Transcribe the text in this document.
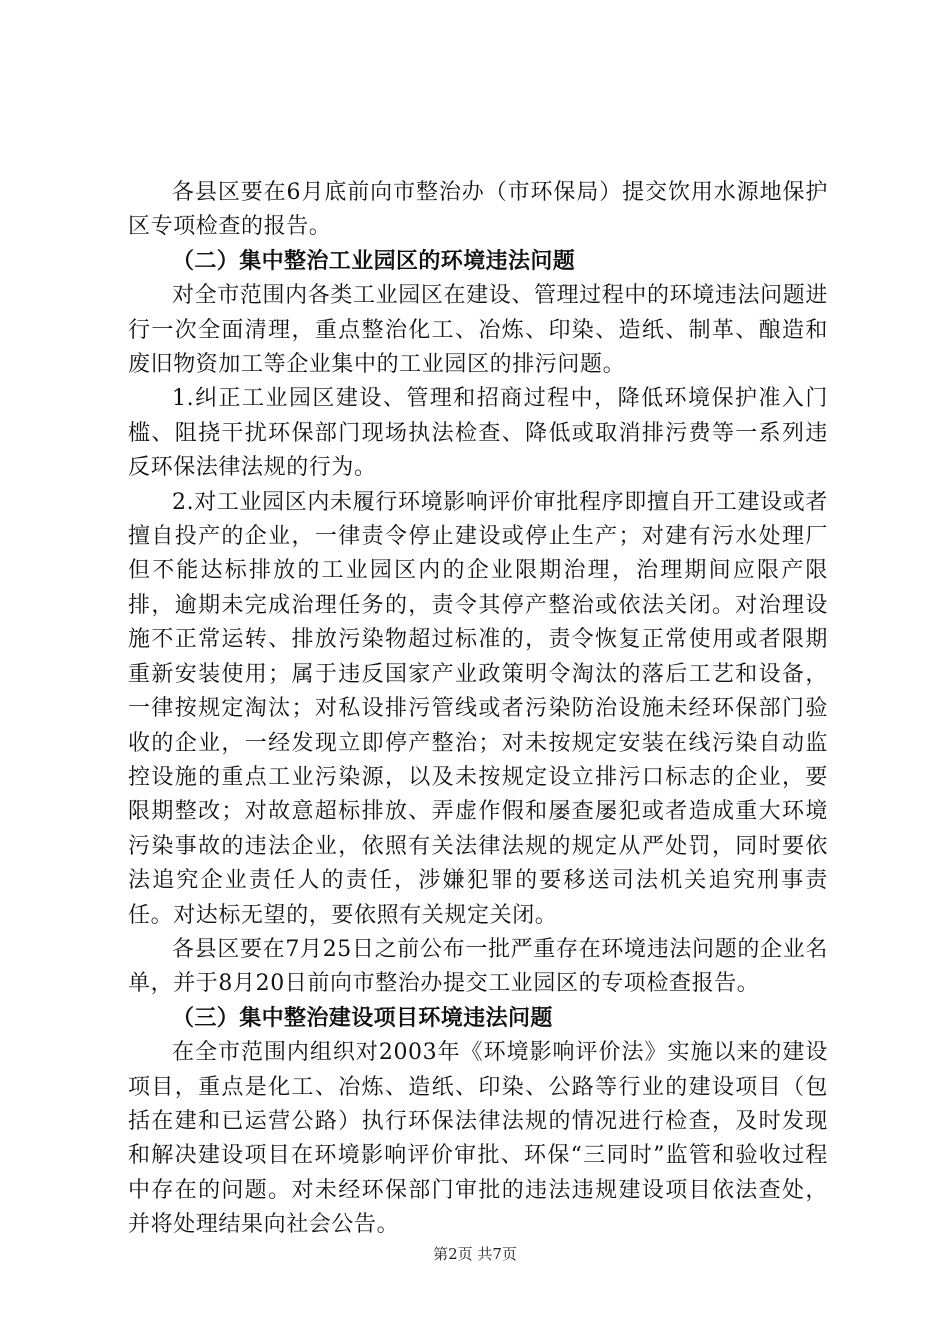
各县区要在6月底前向市整治办（市环保局）提交饮用水源地保护区专项检查的报告。

（二）集中整治工业园区的环境违法问题

对全市范围内各类工业园区在建设、管理过程中的环境违法问题进行一次全面清理，重点整治化工、冶炼、印染、造纸、制革、酿造和废旧物资加工等企业集中的工业园区的排污问题。

1.纠正工业园区建设、管理和招商过程中，降低环境保护准入门槛、阻挠干扰环保部门现场执法检查、降低或取消排污费等一系列违反环保法律法规的行为。

2.对工业园区内未履行环境影响评价审批程序即擅自开工建设或者擅自投产的企业，一律责令停止建设或停止生产；对建有污水处理厂但不能达标排放的工业园区内的企业限期治理，治理期间应限产限排，逾期未完成治理任务的，责令其停产整治或依法关闭。对治理设施不正常运转、排放污染物超过标准的，责令恢复正常使用或者限期重新安装使用；属于违反国家产业政策明令淘汰的落后工艺和设备，一律按规定淘汰；对私设排污管线或者污染防治设施未经环保部门验收的企业，一经发现立即停产整治；对未按规定安装在线污染自动监控设施的重点工业污染源，以及未按规定设立排污口标志的企业，要限期整改；对故意超标排放、弄虚作假和屡查屡犯或者造成重大环境污染事故的违法企业，依照有关法律法规的规定从严处罚，同时要依法追究企业责任人的责任，涉嫌犯罪的要移送司法机关追究刑事责任。对达标无望的，要依照有关规定关闭。

各县区要在7月25日之前公布一批严重存在环境违法问题的企业名单，并于8月20日前向市整治办提交工业园区的专项检查报告。

（三）集中整治建设项目环境违法问题

在全市范围内组织对2003年《环境影响评价法》实施以来的建设项目，重点是化工、冶炼、造纸、印染、公路等行业的建设项目（包括在建和已运营公路）执行环保法律法规的情况进行检查，及时发现和解决建设项目在环境影响评价审批、环保“三同时”监管和验收过程中存在的问题。对未经环保部门审批的违法违规建设项目依法查处，并将处理结果向社会公告。

第2页 共7页
